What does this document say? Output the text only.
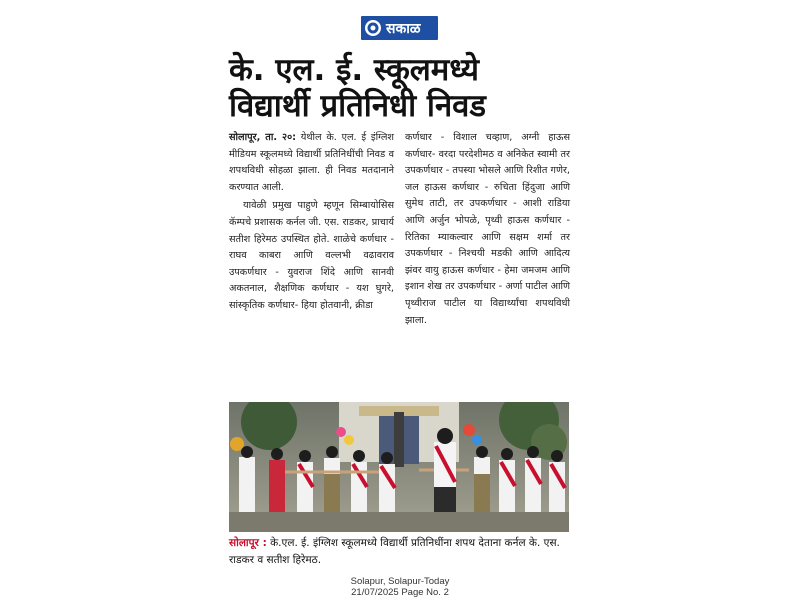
सकाळ
के. एल. ई. स्कूलमध्ये
विद्यार्थी प्रतिनिधी निवड

सोलापूर, ता. २०: येथील के. एल. ई इंग्लिश मीडियम स्कूलमध्ये विद्यार्थी प्रतिनिधींची निवड व शपथविधी सोहळा झाला. ही निवड मतदानाने करण्यात आली.

यावेळी प्रमुख पाहुणे म्हणून सिम्बायोसिस कॅम्पचे प्रशासक कर्नल जी. एस. राडकर, प्राचार्य सतीश हिरेमठ उपस्थित होते. शाळेचे कर्णधार - राघव काबरा आणि वल्लभी वढावराव उपकर्णधार - युवराज शिंदे आणि सानवी अकतनाल, शैक्षणिक कर्णधार - यश घुगरे, सांस्कृतिक कर्णधार- हिया होतवानी, क्रीडा

कर्णधार - विशाल चव्हाण, अग्नी हाऊस कर्णधार- वरदा परदेशीमठ व अनिकेत स्वामी तर उपकर्णधार - तपस्या भोसले आणि रिशीत गणेर, जल हाऊस कर्णधार - रुचिता हिंदुजा आणि सुमेध ताटी, तर उपकर्णधार - आशी राडिया आणि अर्जुन भोपळे, पृथ्वी हाऊस कर्णधार - रितिका म्याकल्वार आणि सक्षम शर्मा तर उपकर्णधार - निश्चयी मडकी आणि आदित्य झंवर वायु हाऊस कर्णधार - हेमा जमजम आणि इशान शेख तर उपकर्णधार - अर्णा पाटील आणि पृथ्वीराज पाटील या विद्यार्थ्यांचा शपथविधी झाला.

सोलापूर : के.एल. ई. इंग्लिश स्कूलमध्ये विद्यार्थी प्रतिनिधींना शपथ देताना कर्नल के. एस. राडकर व सतीश हिरेमठ.
Solapur, Solapur-Today
21/07/2025 Page No. 2
